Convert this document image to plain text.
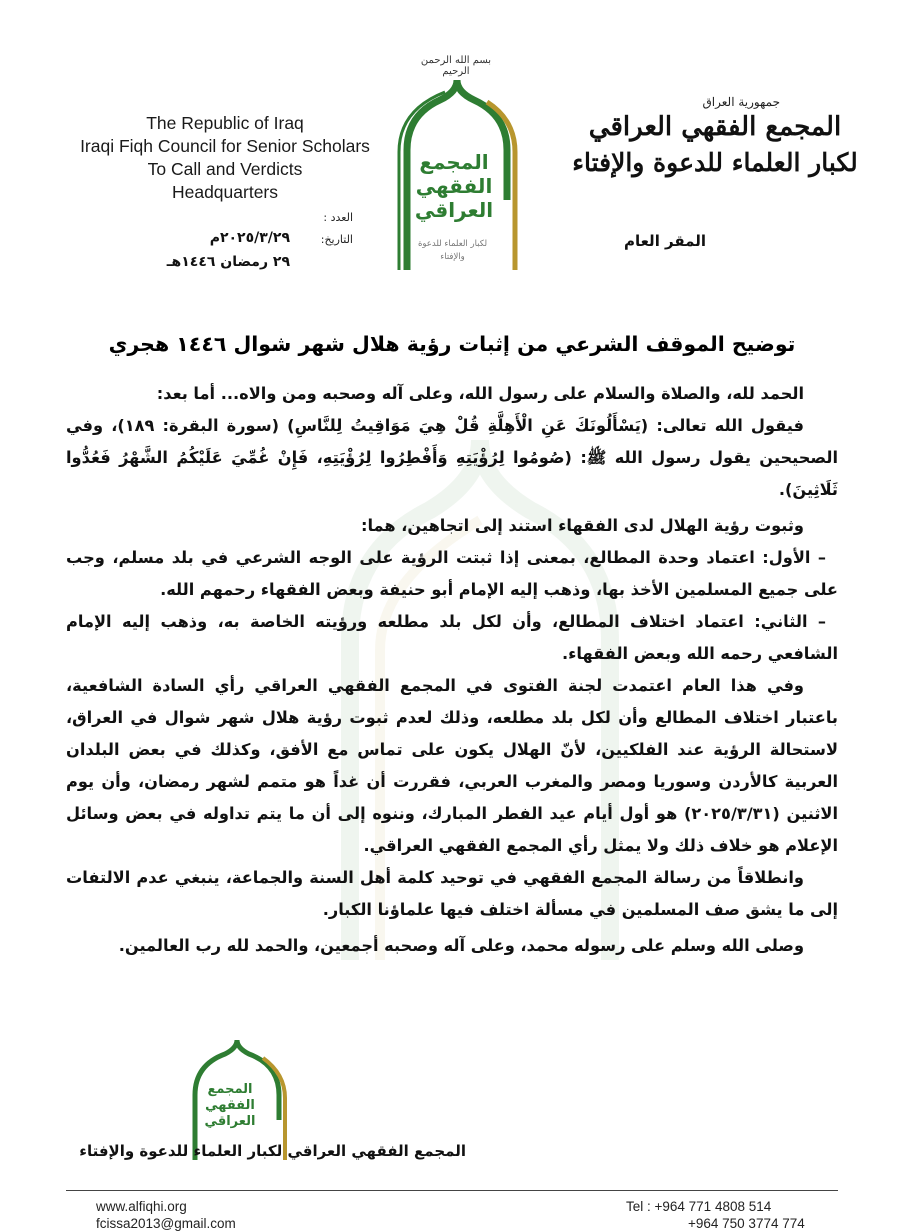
The Republic of Iraq
Iraqi Fiqh Council for Senior Scholars
To Call and Verdicts
Headquarters
العدد :
التاريخ:
٢٠٢٥/٣/٢٩م
٢٩ رمضان ١٤٤٦هـ
بسم الله الرحمن الرحيم
المجمع
الفقهي
العراقي
لكبار العلماء للدعوة والإفتاء
جمهورية العراق
المجمع الفقهي العراقي
لكبار العلماء للدعوة والإفتاء
المقر العام
توضيح الموقف الشرعي من إثبات رؤية هلال شهر شوال ١٤٤٦ هجري

الحمد لله، والصلاة والسلام على رسول الله، وعلى آله وصحبه ومن والاه... أما بعد:

فيقول الله تعالى: (يَسْأَلُونَكَ عَنِ الْأَهِلَّةِ قُلْ هِيَ مَوَاقِيتُ لِلنَّاسِ) (سورة البقرة: ١٨٩)، وفي الصحيحين يقول رسول الله ﷺ: (صُومُوا لِرُؤْيَتِهِ وَأَفْطِرُوا لِرُؤْيَتِهِ، فَإِنْ غُمِّيَ عَلَيْكُمُ الشَّهْرُ فَعُدُّوا ثَلَاثِينَ).

وثبوت رؤية الهلال لدى الفقهاء استند إلى اتجاهين، هما:

– الأول: اعتماد وحدة المطالع، بمعنى إذا ثبتت الرؤية على الوجه الشرعي في بلد مسلم، وجب على جميع المسلمين الأخذ بها، وذهب إليه الإمام أبو حنيفة وبعض الفقهاء رحمهم الله.

– الثاني: اعتماد اختلاف المطالع، وأن لكل بلد مطلعه ورؤيته الخاصة به، وذهب إليه الإمام الشافعي رحمه الله وبعض الفقهاء.

وفي هذا العام اعتمدت لجنة الفتوى في المجمع الفقهي العراقي رأي السادة الشافعية، باعتبار اختلاف المطالع وأن لكل بلد مطلعه، وذلك لعدم ثبوت رؤية هلال شهر شوال في العراق، لاستحالة الرؤية عند الفلكيين، لأنّ الهلال يكون على تماس مع الأفق، وكذلك في بعض البلدان العربية كالأردن وسوريا ومصر والمغرب العربي، فقررت أن غداً هو متمم لشهر رمضان، وأن يوم الاثنين (٢٠٢٥/٣/٣١) هو أول أيام عيد الفطر المبارك، وننوه إلى أن ما يتم تداوله في بعض وسائل الإعلام هو خلاف ذلك ولا يمثل رأي المجمع الفقهي العراقي.

وانطلاقاً من رسالة المجمع الفقهي في توحيد كلمة أهل السنة والجماعة، ينبغي عدم الالتفات إلى ما يشق صف المسلمين في مسألة اختلف فيها علماؤنا الكبار.

وصلى الله وسلم على رسوله محمد، وعلى آله وصحبه أجمعين، والحمد لله رب العالمين.

المجمع
الفقهي
العراقي
المجمع الفقهي العراقي لكبار العلماء للدعوة والإفتاء
www.alfiqhi.org
fcissa2013@gmail.com
Tel : +964 771 4808 514
+964 750 3774 774
